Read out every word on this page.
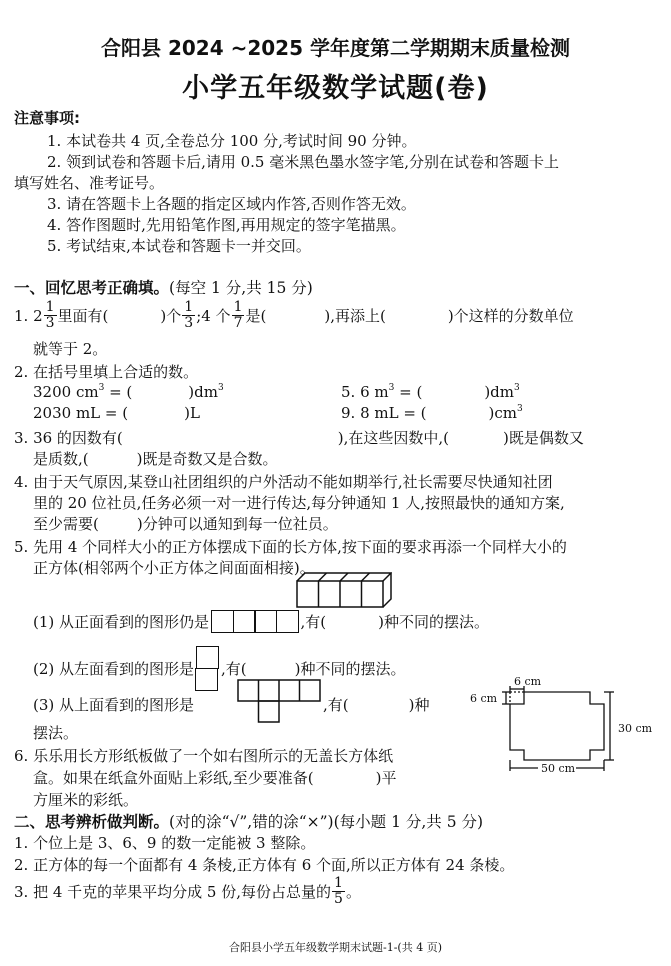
合阳县 2024 ~2025 学年度第二学期期末质量检测
小学五年级数学试题(卷)
注意事项:
1. 本试卷共 4 页,全卷总分 100 分,考试时间 90 分钟。
2. 领到试卷和答题卡后,请用 0.5 毫米黑色墨水签字笔,分别在试卷和答题卡上
填写姓名、准考证号。
3. 请在答题卡上各题的指定区域内作答,否则作答无效。
4. 答作图题时,先用铅笔作图,再用规定的签字笔描黑。
5. 考试结束,本试卷和答题卡一并交回。
一、回忆思考正确填。(每空 1 分,共 15 分)
1. $2 \frac{1}{3}$ 里面有(	)个 $\frac{1}{3}$ ;4 个 $\frac{1}{7}$ 是(	),再添上(	)个这样的分数单位
就等于 2。
2. 在括号里填上合适的数。
3200 $cm^3$ = (	)$dm^3$	5. 6 $m^3$ = (	)$dm^3$
2030 mL = (	)L	9. 8 mL = (	)$cm^3$
3. 36 的因数有(	),在这些因数中,(	)既是偶数又
是质数,(	)既是奇数又是合数。
4. 由于天气原因,某登山社团组织的户外活动不能如期举行,社长需要尽快通知社团
里的 20 位社员,任务必须一对一进行传达,每分钟通知 1 人,按照最快的通知方案,
至少需要(	)分钟可以通知到每一位社员。
5. 先用 4 个同样大小的正方体摆成下面的长方体,按下面的要求再添一个同样大小的
正方体(相邻两个小正方体之间面面相接)。
(1) 从正面看到的图形仍是	,有(	)种不同的摆法。
(2) 从左面看到的图形是 ,有(	)种不同的摆法。
(3) 从上面看到的图形是	,有(	)种
摆法。
6. 乐乐用长方形纸板做了一个如右图所示的无盖长方体纸
盒。如果在纸盒外面贴上彩纸,至少要准备(	)平
方厘米的彩纸。
6 cm
6 cm
30 cm
50 cm
二、思考辨析做判断。(对的涂“√”,错的涂“×”)(每小题 1 分,共 5 分)
1. 个位上是 3、6、9 的数一定能被 3 整除。
2. 正方体的每一个面都有 4 条棱,正方体有 6 个面,所以正方体有 24 条棱。
3. 把 4 千克的苹果平均分成 5 份,每份占总量的 $\frac{1}{5}$ 。
合阳县小学五年级数学期末试题-1-(共 4 页)
